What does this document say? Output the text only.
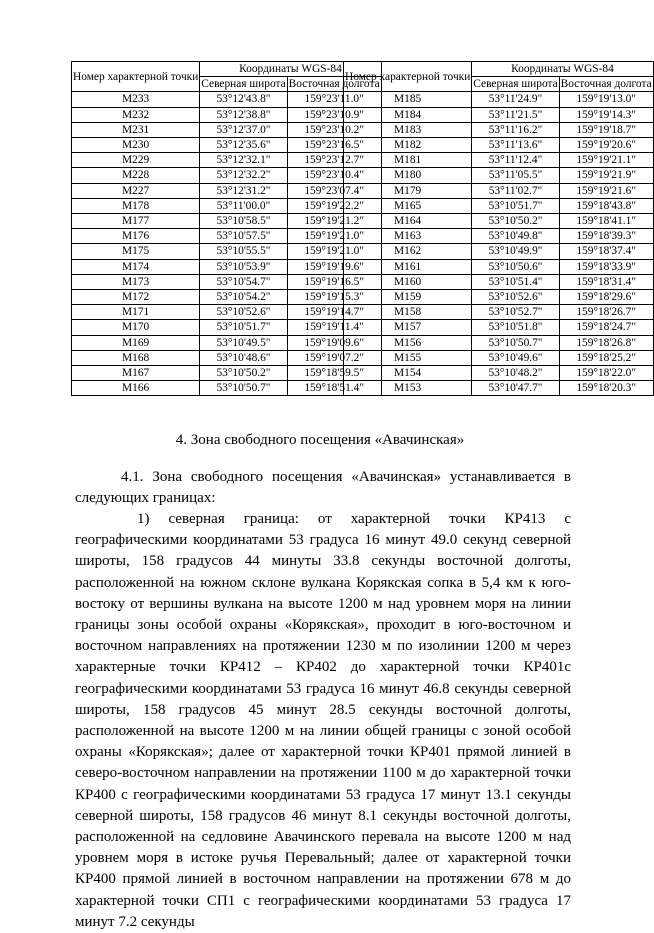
Номер характерной точки	Координаты WGS-84	
	Северная широта	Восточная долгота
М233	53°12'43.8"	159°23'11.0"
М232	53°12'38.8"	159°23'10.9"
М231	53°12'37.0"	159°23'10.2"
М230	53°12'35.6"	159°23'16.5"
М229	53°12'32.1"	159°23'12.7"
М228	53°12'32.2"	159°23'10.4"
М227	53°12'31.2"	159°23'07.4"
М178	53°11'00.0"	159°19'22.2"
М177	53°10'58.5"	159°19'21.2"
М176	53°10'57.5"	159°19'21.0"
М175	53°10'55.5"	159°19'21.0"
М174	53°10'53.9"	159°19'19.6"
М173	53°10'54.7"	159°19'16.5"
М172	53°10'54.2"	159°19'15.3"
М171	53°10'52.6"	159°19'14.7"
М170	53°10'51.7"	159°19'11.4"
М169	53°10'49.5"	159°19'09.6"
М168	53°10'48.6"	159°19'07.2"
М167	53°10'50.2"	159°18'59.5"
М166	53°10'50.7"	159°18'51.4"
Номер характерной точки	Координаты WGS-84	
	Северная широта	Восточная долгота
М185	53°11'24.9"	159°19'13.0"
М184	53°11'21.5"	159°19'14.3"
М183	53°11'16.2"	159°19'18.7"
М182	53°11'13.6"	159°19'20.6"
М181	53°11'12.4"	159°19'21.1"
М180	53°11'05.5"	159°19'21.9"
М179	53°11'02.7"	159°19'21.6"
М165	53°10'51.7"	159°18'43.8"
М164	53°10'50.2"	159°18'41.1"
М163	53°10'49.8"	159°18'39.3"
М162	53°10'49.9"	159°18'37.4"
М161	53°10'50.6"	159°18'33.9"
М160	53°10'51.4"	159°18'31.4"
М159	53°10'52.6"	159°18'29.6"
М158	53°10'52.7"	159°18'26.7"
М157	53°10'51.8"	159°18'24.7"
М156	53°10'50.7"	159°18'26.8"
М155	53°10'49.6"	159°18'25.2"
М154	53°10'48.2"	159°18'22.0"
М153	53°10'47.7"	159°18'20.3"
4. Зона свободного посещения «Авачинская»

4.1. Зона свободного посещения «Авачинская» устанавливается в следующих границах:

1) северная граница: от характерной точки КР413 с географическими координатами 53 градуса 16 минут 49.0 секунд северной широты, 158 градусов 44 минуты 33.8 секунды восточной долготы, расположенной на южном склоне вулкана Корякская сопка в 5,4 км к юго-востоку от вершины вулкана на высоте 1200 м над уровнем моря на линии границы зоны особой охраны «Корякская», проходит в юго-восточном и восточном направлениях на протяжении 1230 м по изолинии 1200 м через характерные точки КР412 – КР402 до характерной точки КР401с географическими координатами 53 градуса 16 минут 46.8 секунды северной широты, 158 градусов 45 минут 28.5 секунды восточной долготы, расположенной на высоте 1200 м на линии общей границы с зоной особой охраны «Корякская»; далее от характерной точки КР401 прямой линией в северо-восточном направлении на протяжении 1100 м до характерной точки КР400 с географическими координатами 53 градуса 17 минут 13.1 секунды северной широты, 158 градусов 46 минут 8.1 секунды восточной долготы, расположенной на седловине Авачинского перевала на высоте 1200 м над уровнем моря в истоке ручья Перевальный; далее от характерной точки КР400 прямой линией в восточном направлении на протяжении 678 м до характерной точки СП1 с географическими координатами 53 градуса 17 минут 7.2 секунды
